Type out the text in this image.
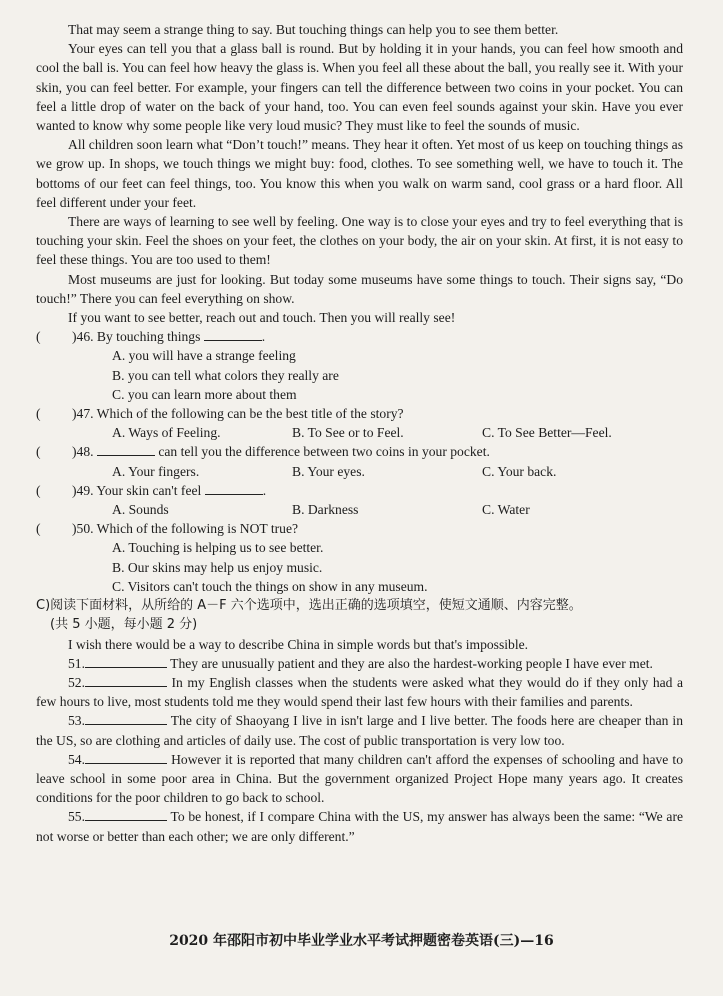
That may seem a strange thing to say. But touching things can help you to see them better.

Your eyes can tell you that a glass ball is round. But by holding it in your hands, you can feel how smooth and cool the ball is. You can feel how heavy the glass is. When you feel all these about the ball, you really see it. With your skin, you can feel better. For example, your fingers can tell the difference between two coins in your pocket. You can feel a little drop of water on the back of your hand, too. You can even feel sounds against your skin. Have you ever wanted to know why some people like very loud music? They must like to feel the sounds of music.

All children soon learn what “Don’t touch!” means. They hear it often. Yet most of us keep on touching things as we grow up. In shops, we touch things we might buy: food, clothes. To see something well, we have to touch it. The bottoms of our feet can feel things, too. You know this when you walk on warm sand, cool grass or a hard floor. All feel different under your feet.

There are ways of learning to see well by feeling. One way is to close your eyes and try to feel everything that is touching your skin. Feel the shoes on your feet, the clothes on your body, the air on your skin. At first, it is not easy to feel these things. You are too used to them!

Most museums are just for looking. But today some museums have some things to touch. Their signs say, “Do touch!” There you can feel everything on show.

If you want to see better, reach out and touch. Then you will really see!

(	)46. By touching things	.

A. you will have a strange feeling

B. you can tell what colors they really are

C. you can learn more about them

(	)47. Which of the following can be the best title of the story?
A. Ways of Feeling.	B. To See or to Feel.	C. To See Better—Feel.
(	)48.	can tell you the difference between two coins in your pocket.
A. Your fingers.	B. Your eyes.	C. Your back.
(	)49. Your skin can't feel	.
A. Sounds	B. Darkness	C. Water
(	)50. Which of the following is NOT true?

A. Touching is helping us to see better.

B. Our skins may help us enjoy music.

C. Visitors can't touch the things on show in any museum.

C)阅读下面材料，从所给的 A－F 六个选项中，选出正确的选项填空，使短文通顺、内容完整。

(共 5 小题，每小题 2 分)

I wish there would be a way to describe China in simple words but that's impossible.

51.	They are unusually patient and they are also the hardest-working people I have ever met.

52.	In my English classes when the students were asked what they would do if they only had a few hours to live, most students told me they would spend their last few hours with their families and parents.

53.	The city of Shaoyang I live in isn't large and I live better. The foods here are cheaper than in the US, so are clothing and articles of daily use. The cost of public transportation is very low too.

54.	However it is reported that many children can't afford the expenses of schooling and have to leave school in some poor area in China. But the government organized Project Hope many years ago. It creates conditions for the poor children to go back to school.

55.	To be honest, if I compare China with the US, my answer has always been the same: “We are not worse or better than each other; we are only different.”

2020 年邵阳市初中毕业学业水平考试押题密卷英语(三)—16
